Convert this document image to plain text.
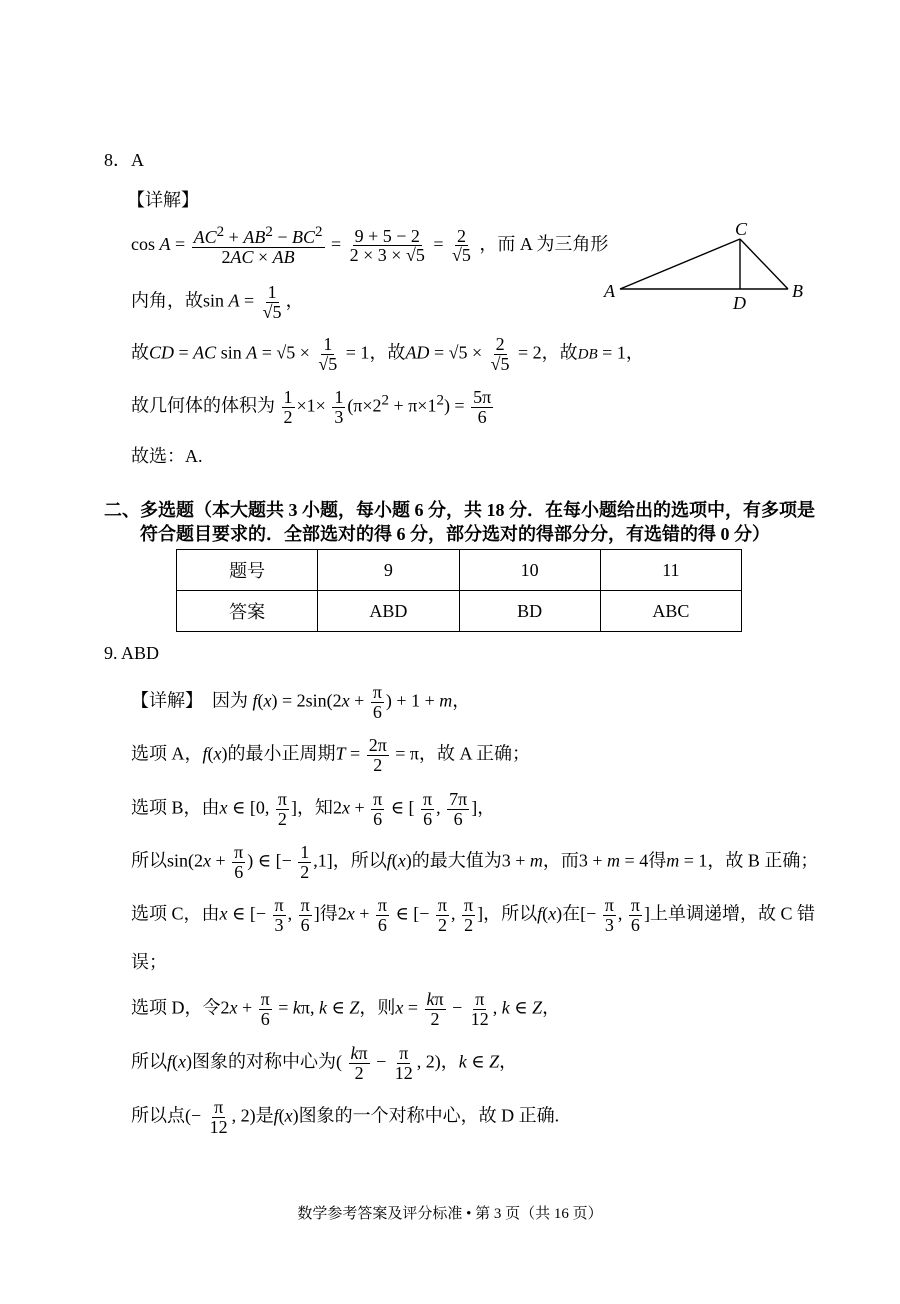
8．A
【详解】
$\cos A = \frac{AC^2 + AB^2 - BC^2}{2AC \times AB} = \frac{9 + 5 - 2}{2 \times 3 \times √5} = \frac{2}{√5}$ ，而 A 为三角形
A	B
C
D
内角，故$\sin A = \frac{1}{√5}$ ，
故CD = AC $\sin A = √5 \times \frac{1}{√5} = 1$，故AD = $√5 \times \frac{2}{√5} = 2$，故DB = 1，
故几何体的体积为 $\frac{1}{2} \times 1\times \frac{1}{3} (\pi\times 2^2 + \pi\times 1^2) = \frac{5\pi}{6}$
故选：A.
二、多选题（本大题共 3 小题，每小题 6 分，共 18 分．在每小题给出的选项中，有多项是
符合题目要求的．全部选对的得 6 分，部分选对的得部分分，有选错的得 0 分）
题号	9	10	11
答案	ABD	BD	ABC
9. ABD
【详解】 因为 $f(x) = 2\sin(2x + \frac{\pi}{6}$ ) + 1 + m，
选项 A，f(x)的最小正周期$T = \frac{2\pi}{2} = \pi$，故 A 正确；
选项 B，由x ∈ [0, $\frac{\pi}{2}$ ]，知$2x + \frac{\pi}{6}$ ∈ [ $\frac{\pi}{6}$ , $\frac{7\pi}{6}$ ]，
所以$\sin(2x + \frac{\pi}{6}$ ) ∈ [− $\frac{1}{2} ,1$]，所以f(x)的最大值为3 + m，而3 + m = 4得m = 1，故 B 正确；
选项 C，由x ∈ [− $\frac{\pi}{3}$ , $\frac{\pi}{6}$ ]得$2x + \frac{\pi}{6}$ ∈ [− $\frac{\pi}{2}$ , $\frac{\pi}{2}$ ]，所以f(x)在[− $\frac{\pi}{3}$ , $\frac{\pi}{6}$ ]上单调递增，故 C 错
误；
选项 D，令$2x + \frac{\pi}{6} = k\pi$, k ∈ Z，则$x = \frac{k\pi}{2} - \frac{\pi}{12}$ , k ∈ Z，
所以f(x)图象的对称中心为( $\frac{k\pi}{2} - \frac{\pi}{12}$ , 2)，k ∈ Z，
所以点(− $\frac{\pi}{12}$ , 2)是f(x)图象的一个对称中心，故 D 正确.
数学参考答案及评分标准 • 第 3 页（共 16 页）
